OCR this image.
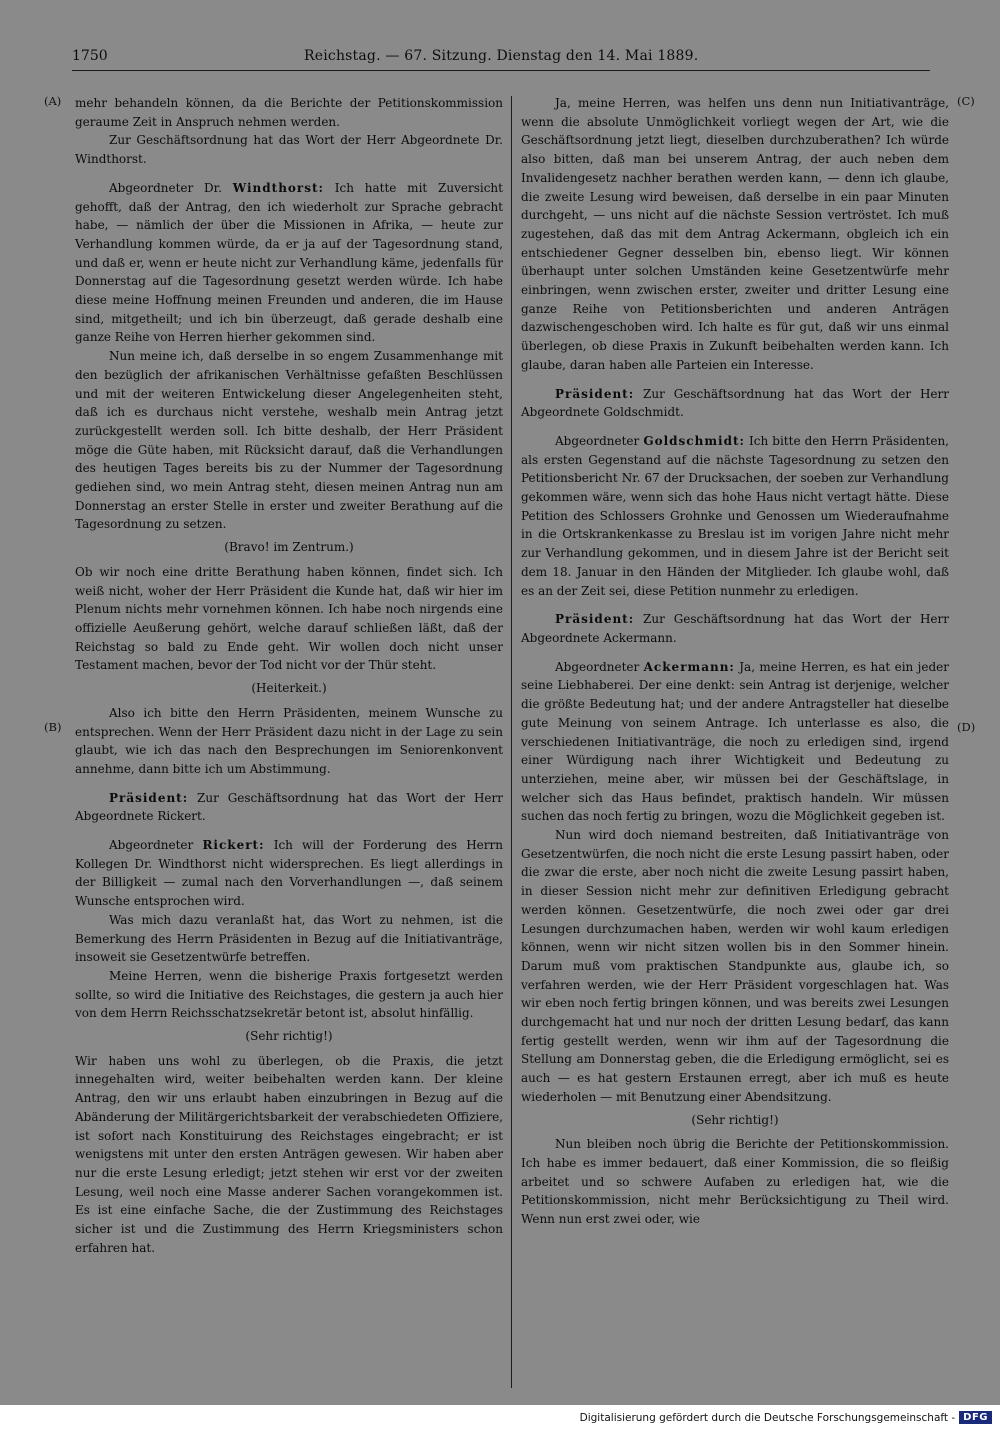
1750	Reichstag. — 67. Sitzung. Dienstag den 14. Mai 1889.
(A)
(B)
(C)
(D)

mehr behandeln können, da die Berichte der Petitionskommission geraume Zeit in Anspruch nehmen werden.

Zur Geschäftsordnung hat das Wort der Herr Abgeordnete Dr. Windthorst.

Abgeordneter Dr. Windthorst: Ich hatte mit Zuversicht gehofft, daß der Antrag, den ich wiederholt zur Sprache gebracht habe, — nämlich der über die Missionen in Afrika, — heute zur Verhandlung kommen würde, da er ja auf der Tagesordnung stand, und daß er, wenn er heute nicht zur Verhandlung käme, jedenfalls für Donnerstag auf die Tagesordnung gesetzt werden würde. Ich habe diese meine Hoffnung meinen Freunden und anderen, die im Hause sind, mitgetheilt; und ich bin überzeugt, daß gerade deshalb eine ganze Reihe von Herren hierher gekommen sind.

Nun meine ich, daß derselbe in so engem Zusammenhange mit den bezüglich der afrikanischen Verhältnisse gefaßten Beschlüssen und mit der weiteren Entwickelung dieser Angelegenheiten steht, daß ich es durchaus nicht verstehe, weshalb mein Antrag jetzt zurückgestellt werden soll. Ich bitte deshalb, der Herr Präsident möge die Güte haben, mit Rücksicht darauf, daß die Verhandlungen des heutigen Tages bereits bis zu der Nummer der Tagesordnung gediehen sind, wo mein Antrag steht, diesen meinen Antrag nun am Donnerstag an erster Stelle in erster und zweiter Berathung auf die Tagesordnung zu setzen.

(Bravo! im Zentrum.)

Ob wir noch eine dritte Berathung haben können, findet sich. Ich weiß nicht, woher der Herr Präsident die Kunde hat, daß wir hier im Plenum nichts mehr vornehmen können. Ich habe noch nirgends eine offizielle Aeußerung gehört, welche darauf schließen läßt, daß der Reichstag so bald zu Ende geht. Wir wollen doch nicht unser Testament machen, bevor der Tod nicht vor der Thür steht.

(Heiterkeit.)

Also ich bitte den Herrn Präsidenten, meinem Wunsche zu entsprechen. Wenn der Herr Präsident dazu nicht in der Lage zu sein glaubt, wie ich das nach den Besprechungen im Seniorenkonvent annehme, dann bitte ich um Abstimmung.

Präsident: Zur Geschäftsordnung hat das Wort der Herr Abgeordnete Rickert.

Abgeordneter Rickert: Ich will der Forderung des Herrn Kollegen Dr. Windthorst nicht widersprechen. Es liegt allerdings in der Billigkeit — zumal nach den Vorverhandlungen —, daß seinem Wunsche entsprochen wird.

Was mich dazu veranlaßt hat, das Wort zu nehmen, ist die Bemerkung des Herrn Präsidenten in Bezug auf die Initiativanträge, insoweit sie Gesetzentwürfe betreffen.

Meine Herren, wenn die bisherige Praxis fortgesetzt werden sollte, so wird die Initiative des Reichstages, die gestern ja auch hier von dem Herrn Reichsschatzsekretär betont ist, absolut hinfällig.

(Sehr richtig!)

Wir haben uns wohl zu überlegen, ob die Praxis, die jetzt innegehalten wird, weiter beibehalten werden kann. Der kleine Antrag, den wir uns erlaubt haben einzubringen in Bezug auf die Abänderung der Militärgerichtsbarkeit der verabschiedeten Offiziere, ist sofort nach Konstituirung des Reichstages eingebracht; er ist wenigstens mit unter den ersten Anträgen gewesen. Wir haben aber nur die erste Lesung erledigt; jetzt stehen wir erst vor der zweiten Lesung, weil noch eine Masse anderer Sachen vorangekommen ist. Es ist eine einfache Sache, die der Zustimmung des Reichstages sicher ist und die Zustimmung des Herrn Kriegsministers schon erfahren hat.

Ja, meine Herren, was helfen uns denn nun Initiativanträge, wenn die absolute Unmöglichkeit vorliegt wegen der Art, wie die Geschäftsordnung jetzt liegt, dieselben durchzuberathen? Ich würde also bitten, daß man bei unserem Antrag, der auch neben dem Invalidengesetz nachher berathen werden kann, — denn ich glaube, die zweite Lesung wird beweisen, daß derselbe in ein paar Minuten durchgeht, — uns nicht auf die nächste Session vertröstet. Ich muß zugestehen, daß das mit dem Antrag Ackermann, obgleich ich ein entschiedener Gegner desselben bin, ebenso liegt. Wir können überhaupt unter solchen Umständen keine Gesetzentwürfe mehr einbringen, wenn zwischen erster, zweiter und dritter Lesung eine ganze Reihe von Petitionsberichten und anderen Anträgen dazwischengeschoben wird. Ich halte es für gut, daß wir uns einmal überlegen, ob diese Praxis in Zukunft beibehalten werden kann. Ich glaube, daran haben alle Parteien ein Interesse.

Präsident: Zur Geschäftsordnung hat das Wort der Herr Abgeordnete Goldschmidt.

Abgeordneter Goldschmidt: Ich bitte den Herrn Präsidenten, als ersten Gegenstand auf die nächste Tagesordnung zu setzen den Petitionsbericht Nr. 67 der Drucksachen, der soeben zur Verhandlung gekommen wäre, wenn sich das hohe Haus nicht vertagt hätte. Diese Petition des Schlossers Grohnke und Genossen um Wiederaufnahme in die Ortskrankenkasse zu Breslau ist im vorigen Jahre nicht mehr zur Verhandlung gekommen, und in diesem Jahre ist der Bericht seit dem 18. Januar in den Händen der Mitglieder. Ich glaube wohl, daß es an der Zeit sei, diese Petition nunmehr zu erledigen.

Präsident: Zur Geschäftsordnung hat das Wort der Herr Abgeordnete Ackermann.

Abgeordneter Ackermann: Ja, meine Herren, es hat ein jeder seine Liebhaberei. Der eine denkt: sein Antrag ist derjenige, welcher die größte Bedeutung hat; und der andere Antragsteller hat dieselbe gute Meinung von seinem Antrage. Ich unterlasse es also, die verschiedenen Initiativanträge, die noch zu erledigen sind, irgend einer Würdigung nach ihrer Wichtigkeit und Bedeutung zu unterziehen, meine aber, wir müssen bei der Geschäftslage, in welcher sich das Haus befindet, praktisch handeln. Wir müssen suchen das noch fertig zu bringen, wozu die Möglichkeit gegeben ist.

Nun wird doch niemand bestreiten, daß Initiativanträge von Gesetzentwürfen, die noch nicht die erste Lesung passirt haben, oder die zwar die erste, aber noch nicht die zweite Lesung passirt haben, in dieser Session nicht mehr zur definitiven Erledigung gebracht werden können. Gesetzentwürfe, die noch zwei oder gar drei Lesungen durchzumachen haben, werden wir wohl kaum erledigen können, wenn wir nicht sitzen wollen bis in den Sommer hinein. Darum muß vom praktischen Standpunkte aus, glaube ich, so verfahren werden, wie der Herr Präsident vorgeschlagen hat. Was wir eben noch fertig bringen können, und was bereits zwei Lesungen durchgemacht hat und nur noch der dritten Lesung bedarf, das kann fertig gestellt werden, wenn wir ihm auf der Tagesordnung die Stellung am Donnerstag geben, die die Erledigung ermöglicht, sei es auch — es hat gestern Erstaunen erregt, aber ich muß es heute wiederholen — mit Benutzung einer Abendsitzung.

(Sehr richtig!)

Nun bleiben noch übrig die Berichte der Petitionskommission. Ich habe es immer bedauert, daß einer Kommission, die so fleißig arbeitet und so schwere Aufaben zu erledigen hat, wie die Petitionskommission, nicht mehr Berücksichtigung zu Theil wird. Wenn nun erst zwei oder, wie

Digitalisierung gefördert durch die Deutsche Forschungsgemeinschaft - DFG
